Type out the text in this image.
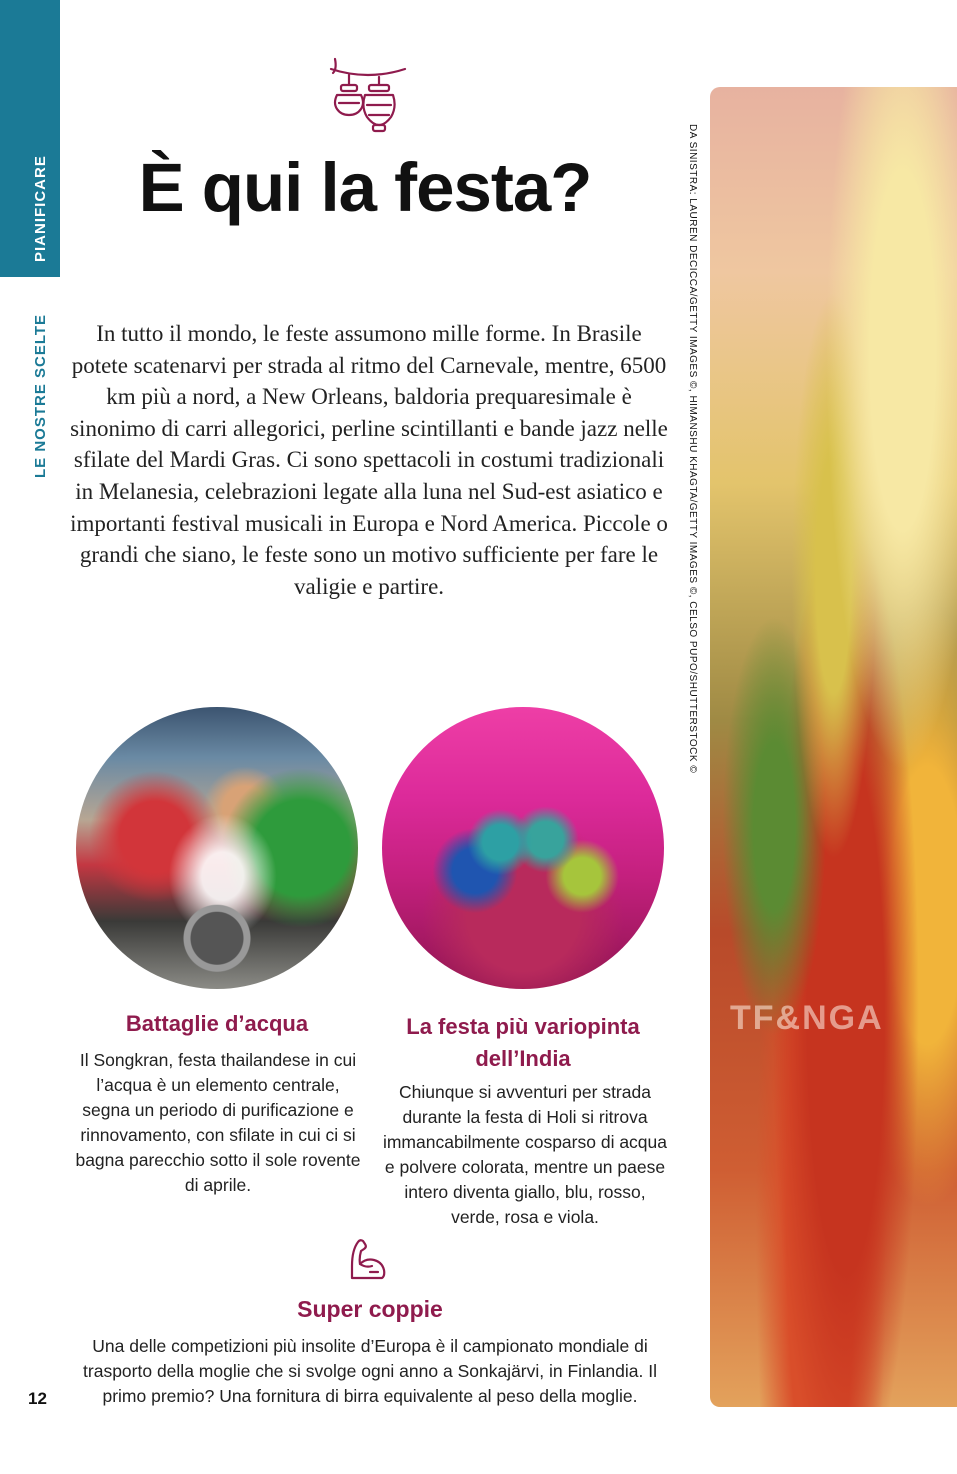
PIANIFICARE
LE NOSTRE SCELTE
È qui la festa?

In tutto il mondo, le feste assumono mille forme. In Brasile potete scatenarvi per strada al ritmo del Carnevale, mentre, 6500 km più a nord, a New Orleans, baldoria prequaresimale è sinonimo di carri allegorici, perline scintillanti e bande jazz nelle sfilate del Mardi Gras. Ci sono spettacoli in costumi tradizionali in Melanesia, celebrazioni legate alla luna nel Sud-est asiatico e importanti festival musicali in Europa e Nord America. Piccole o grandi che siano, le feste sono un motivo sufficiente per fare le valigie e partire.

TF&NGA
DA SINISTRA: LAUREN DECICCA/GETTY IMAGES ©, HIMANSHU KHAGTA/GETTY IMAGES ©, CELSO PUPO/SHUTTERSTOCK ©
Battaglie d’acqua

Il Songkran, festa thailandese in cui l’acqua è un elemento centrale, segna un periodo di purificazione e rinnovamento, con sfilate in cui ci si bagna parecchio sotto il sole rovente di aprile.

La festa più variopinta dell’India

Chiunque si avventuri per strada durante la festa di Holi si ritrova immancabilmente cosparso di acqua e polvere colorata, mentre un paese intero diventa giallo, blu, rosso, verde, rosa e viola.

Super coppie

Una delle competizioni più insolite d’Europa è il campionato mondiale di trasporto della moglie che si svolge ogni anno a Sonkajärvi, in Finlandia. Il primo premio? Una fornitura di birra equivalente al peso della moglie.

12
